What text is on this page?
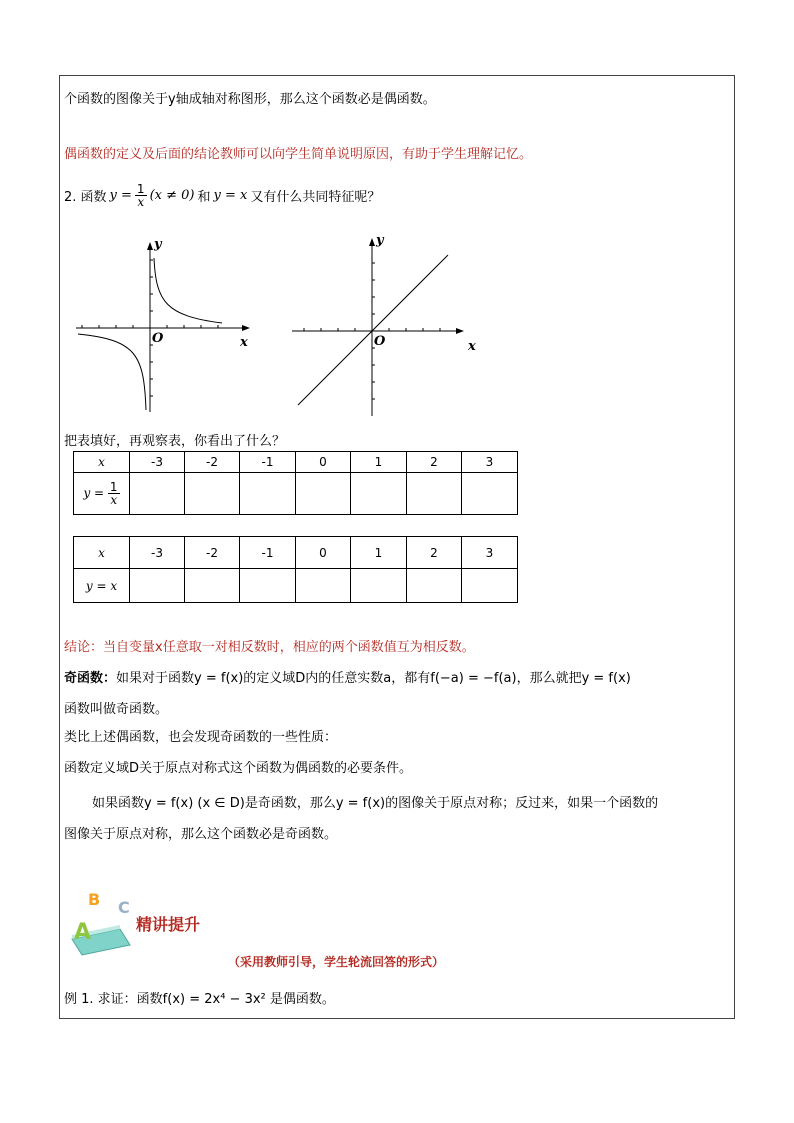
个函数的图像关于y轴成轴对称图形，那么这个函数必是偶函数。
偶函数的定义及后面的结论教师可以向学生简单说明原因，有助于学生理解记忆。
2. 函数 $y = \frac{1}{x} (x \ne 0)$ 和 y = x 又有什么共同特征呢？
y
x
O
y
x
O
把表填好，再观察表，你看出了什么？
x	-3	-2	-1	0	1	2	3
$y = \frac{1}{x}$

x	-3	-2	-1	0	1	2	3
y = x							
结论：当自变量x任意取一对相反数时，相应的两个函数值互为相反数。
奇函数：如果对于函数y = f(x)的定义域D内的任意实数a，都有f(−a) = −f(a)，那么就把y = f(x)
函数叫做奇函数。
类比上述偶函数，也会发现奇函数的一些性质：
函数定义域D关于原点对称式这个函数为偶函数的必要条件。
如果函数y = f(x) (x ∈ D)是奇函数，那么y = f(x)的图像关于原点对称；反过来，如果一个函数的
图像关于原点对称，那么这个函数必是奇函数。
A
B C
精讲提升
（采用教师引导，学生轮流回答的形式）
例 1. 求证：函数f(x) = 2x⁴ − 3x² 是偶函数。
